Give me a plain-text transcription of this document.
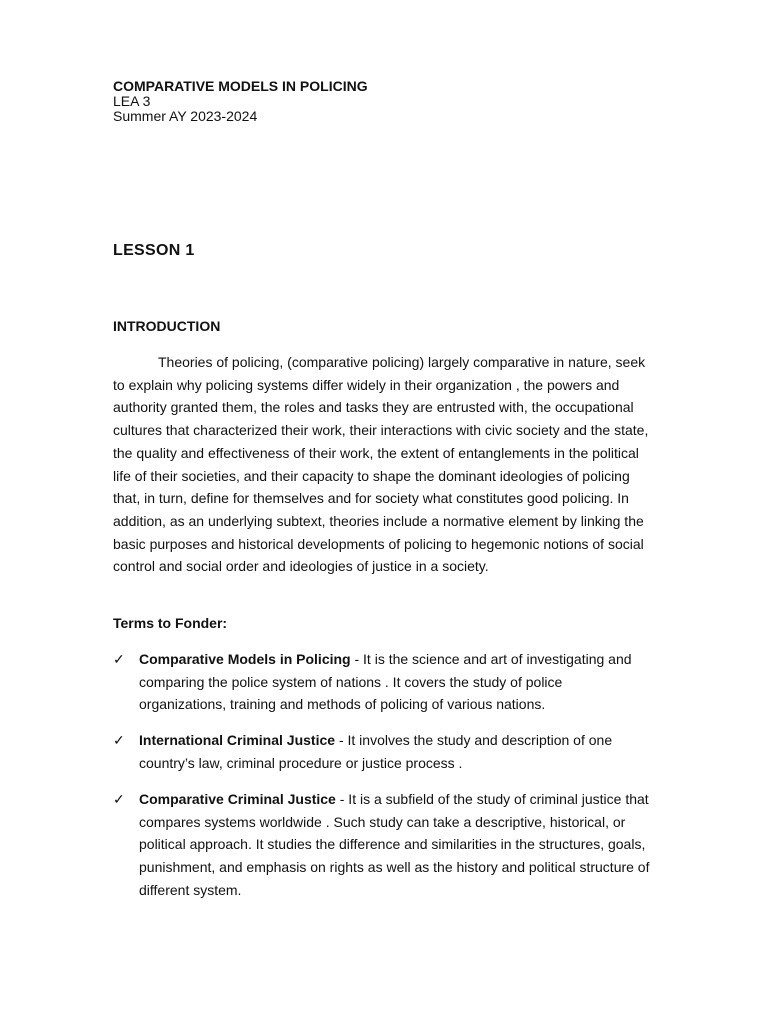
COMPARATIVE MODELS IN POLICING
LEA 3
Summer AY 2023-2024
LESSON 1
INTRODUCTION

Theories of policing, (comparative policing) largely comparative in nature, seek to explain why policing systems differ widely in their organization , the powers and authority granted them, the roles and tasks they are entrusted with, the occupational cultures that characterized their work, their interactions with civic society and the state, the quality and effectiveness of their work, the extent of entanglements in the political life of their societies, and their capacity to shape the dominant ideologies of policing that, in turn, define for themselves and for society what constitutes good policing. In addition, as an underlying subtext, theories include a normative element by linking the basic purposes and historical developments of policing to hegemonic notions of social control and social order and ideologies of justice in a society.

Terms to Fonder:
✓ Comparative Models in Policing - It is the science and art of investigating and comparing the police system of nations . It covers the study of police organizations, training and methods of policing of various nations.
✓ International Criminal Justice - It involves the study and description of one country’s law, criminal procedure or justice process .
✓ Comparative Criminal Justice - It is a subfield of the study of criminal justice that compares systems worldwide . Such study can take a descriptive, historical, or political approach. It studies the difference and similarities in the structures, goals, punishment, and emphasis on rights as well as the history and political structure of different system.
